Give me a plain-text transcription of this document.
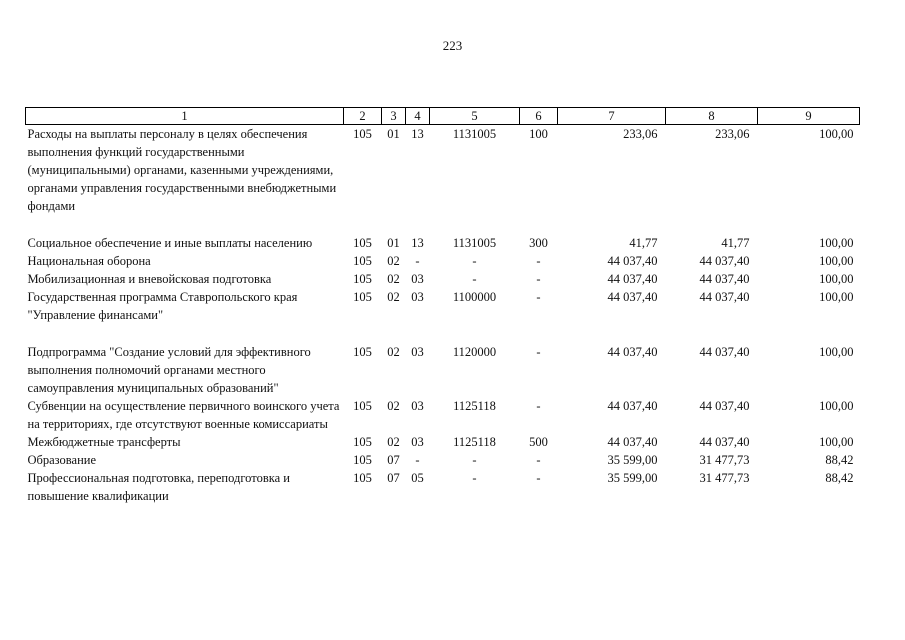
223
1	2	3	4	5	6	7	8	9
Расходы на выплаты персоналу в целях обеспечения выполнения функций государственными (муниципальными) органами, казенными учреждениями, органами управления государственными внебюджетными фондами	105	01	13	1131005	100	233,06	233,06	100,00
Социальное обеспечение и иные выплаты населению	105	01	13	1131005	300	41,77	41,77	100,00
Национальная оборона	105	02	-	-	-	44 037,40	44 037,40	100,00
Мобилизационная и вневойсковая подготовка	105	02	03	-	-	44 037,40	44 037,40	100,00
Государственная программа Ставропольского края "Управление финансами"	105	02	03	1100000	-	44 037,40	44 037,40	100,00
Подпрограмма "Создание условий для эффективного выполнения полномочий органами местного самоуправления муниципальных образований"	105	02	03	1120000	-	44 037,40	44 037,40	100,00
Субвенции на осуществление первичного воинского учета на территориях, где отсутствуют военные комиссариаты	105	02	03	1125118	-	44 037,40	44 037,40	100,00
Межбюджетные трансферты	105	02	03	1125118	500	44 037,40	44 037,40	100,00
Образование	105	07	-	-	-	35 599,00	31 477,73	88,42
Профессиональная подготовка, переподготовка и повышение квалификации	105	07	05	-	-	35 599,00	31 477,73	88,42
